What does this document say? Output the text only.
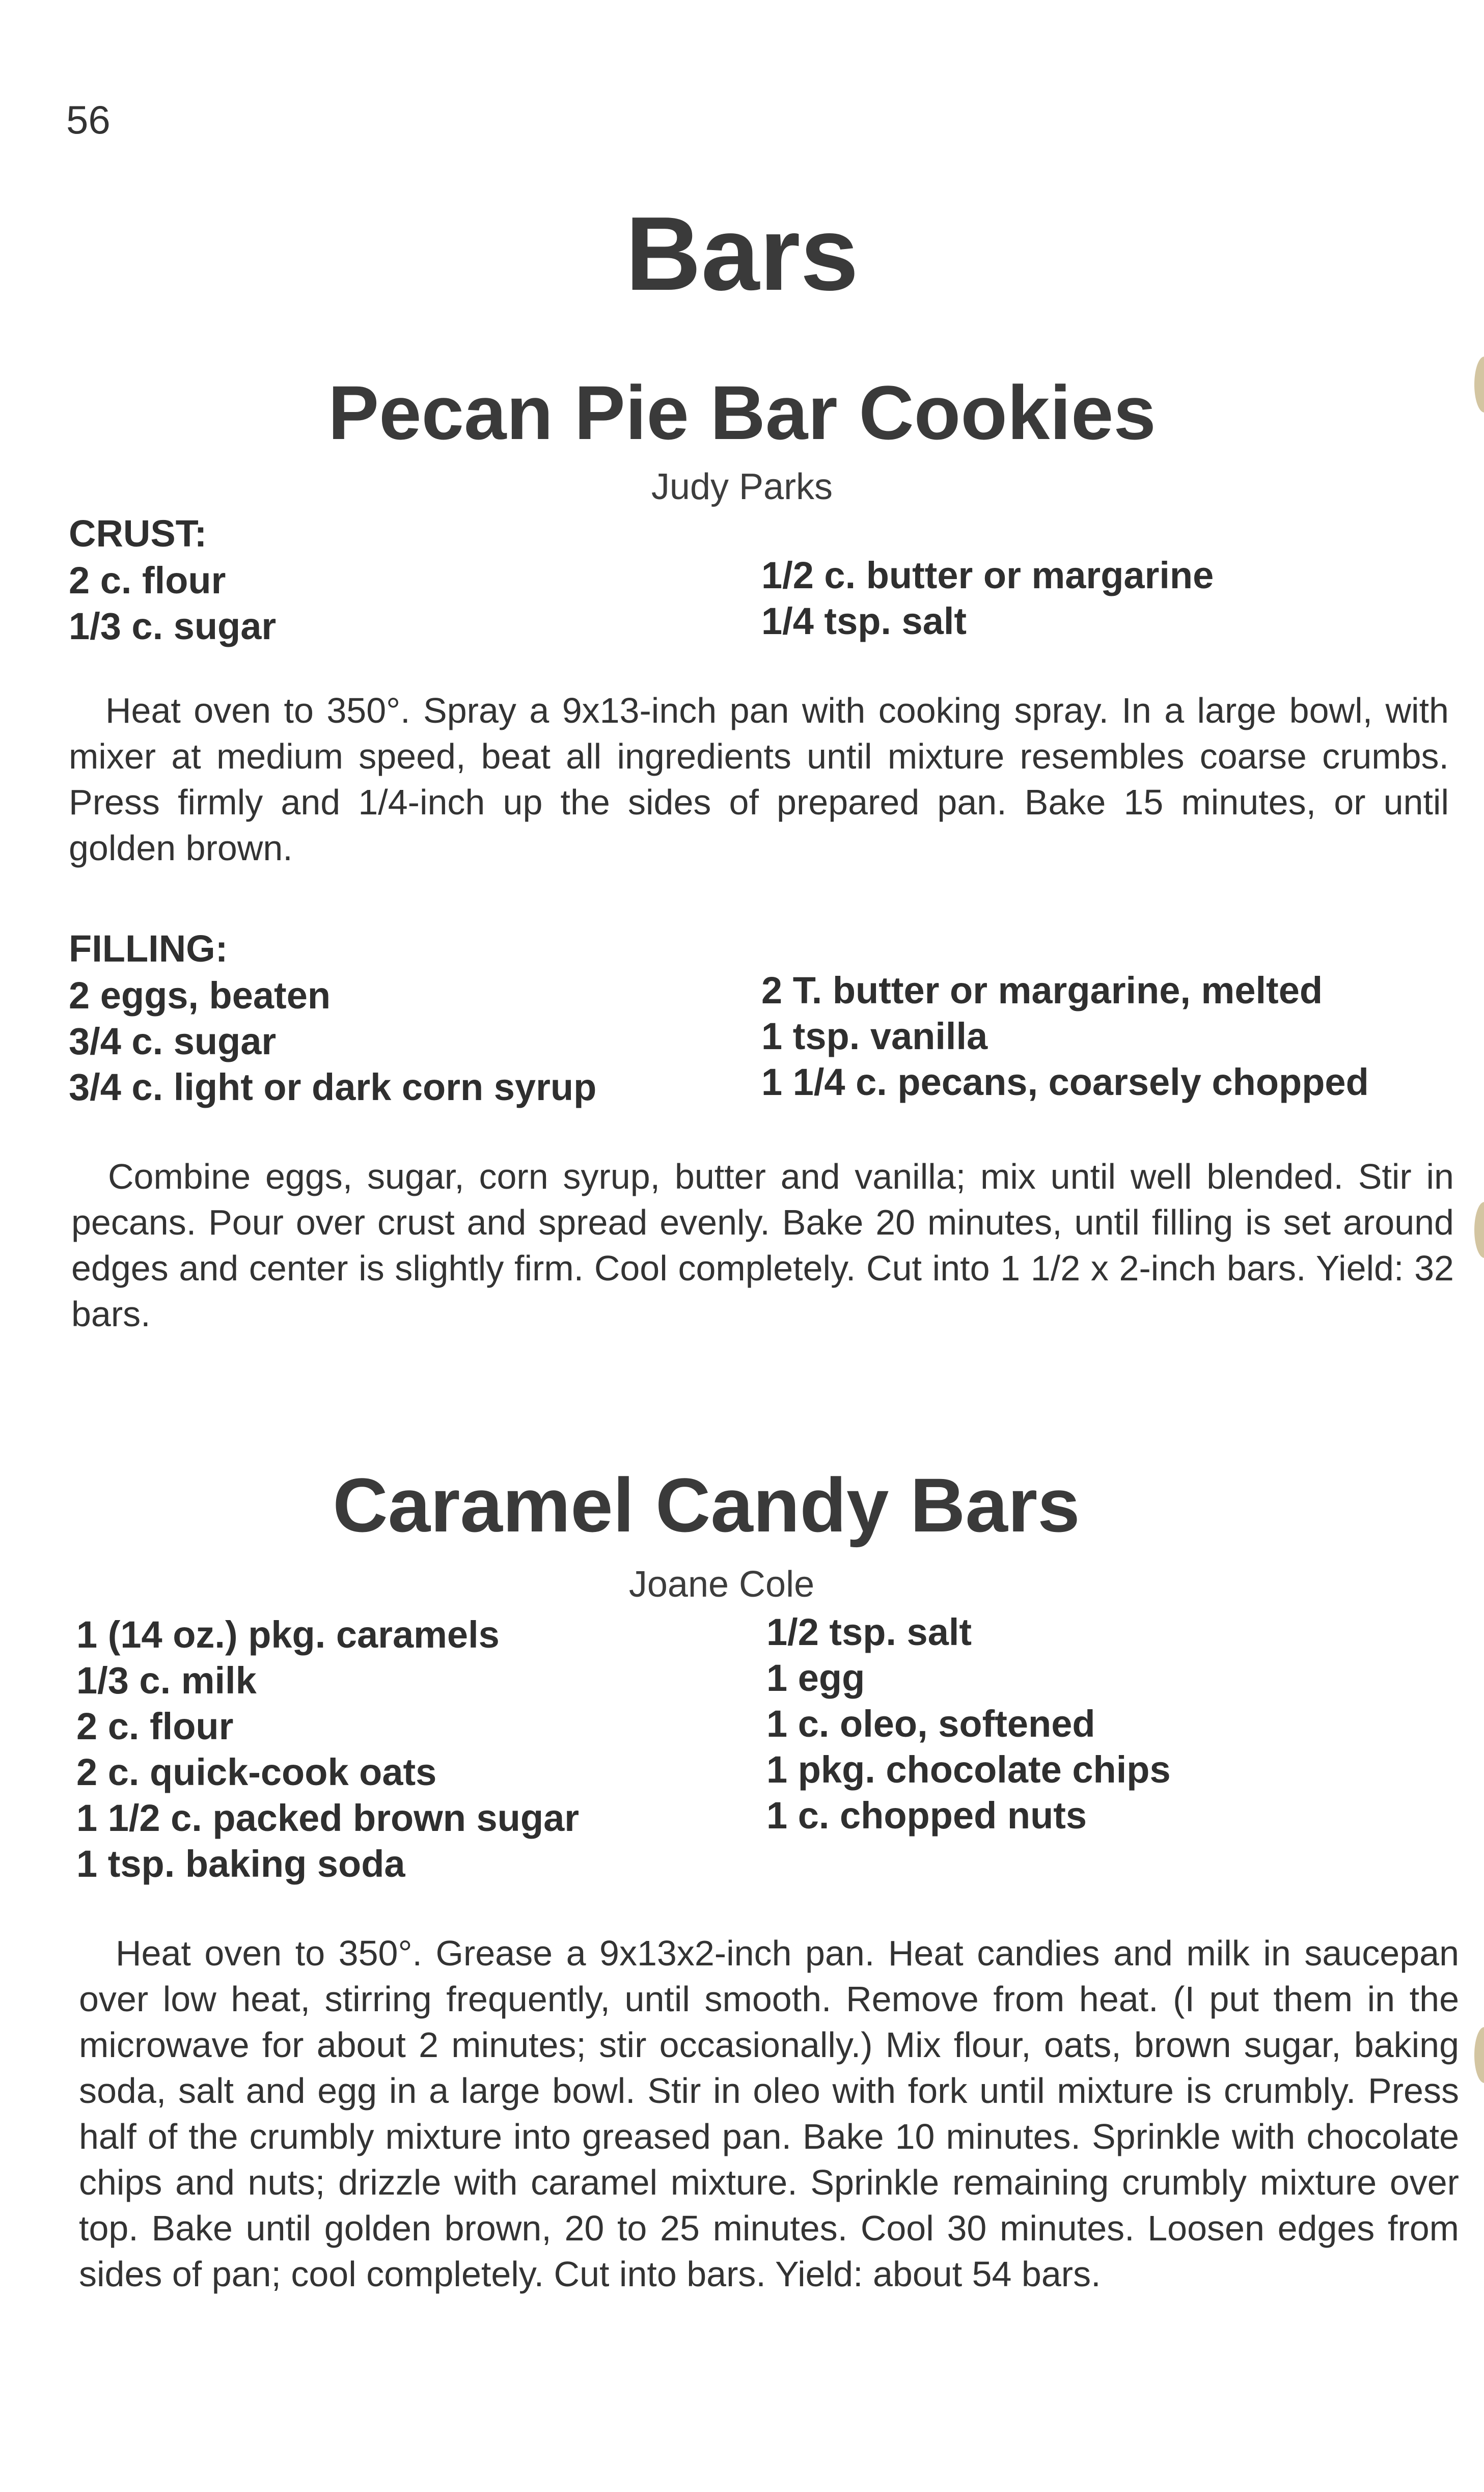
56
Bars
Pecan Pie Bar Cookies
Judy Parks
CRUST:
2 c. flour
1/3 c. sugar
1/2 c. butter or margarine
1/4 tsp. salt

Heat oven to 350°. Spray a 9x13-inch pan with cooking spray. In a large bowl, with mixer at medium speed, beat all ingredients until mixture resembles coarse crumbs. Press firmly and 1/4-inch up the sides of prepared pan. Bake 15 minutes, or until golden brown.

FILLING:
2 eggs, beaten
3/4 c. sugar
3/4 c. light or dark corn syrup
2 T. butter or margarine, melted
1 tsp. vanilla
1 1/4 c. pecans, coarsely chopped

Combine eggs, sugar, corn syrup, butter and vanilla; mix until well blended. Stir in pecans. Pour over crust and spread evenly. Bake 20 minutes, until filling is set around edges and center is slightly firm. Cool completely. Cut into 1 1/2 x 2-inch bars. Yield: 32 bars.

Caramel Candy Bars
Joane Cole
1 (14 oz.) pkg. caramels
1/3 c. milk
2 c. flour
2 c. quick-cook oats
1 1/2 c. packed brown sugar
1 tsp. baking soda
1/2 tsp. salt
1 egg
1 c. oleo, softened
1 pkg. chocolate chips
1 c. chopped nuts

Heat oven to 350°. Grease a 9x13x2-inch pan. Heat candies and milk in saucepan over low heat, stirring frequently, until smooth. Remove from heat. (I put them in the microwave for about 2 minutes; stir occasionally.) Mix flour, oats, brown sugar, baking soda, salt and egg in a large bowl. Stir in oleo with fork until mixture is crumbly. Press half of the crumbly mixture into greased pan. Bake 10 minutes. Sprinkle with chocolate chips and nuts; drizzle with caramel mixture. Sprinkle remaining crumbly mixture over top. Bake until golden brown, 20 to 25 minutes. Cool 30 minutes. Loosen edges from sides of pan; cool completely. Cut into bars. Yield: about 54 bars.
